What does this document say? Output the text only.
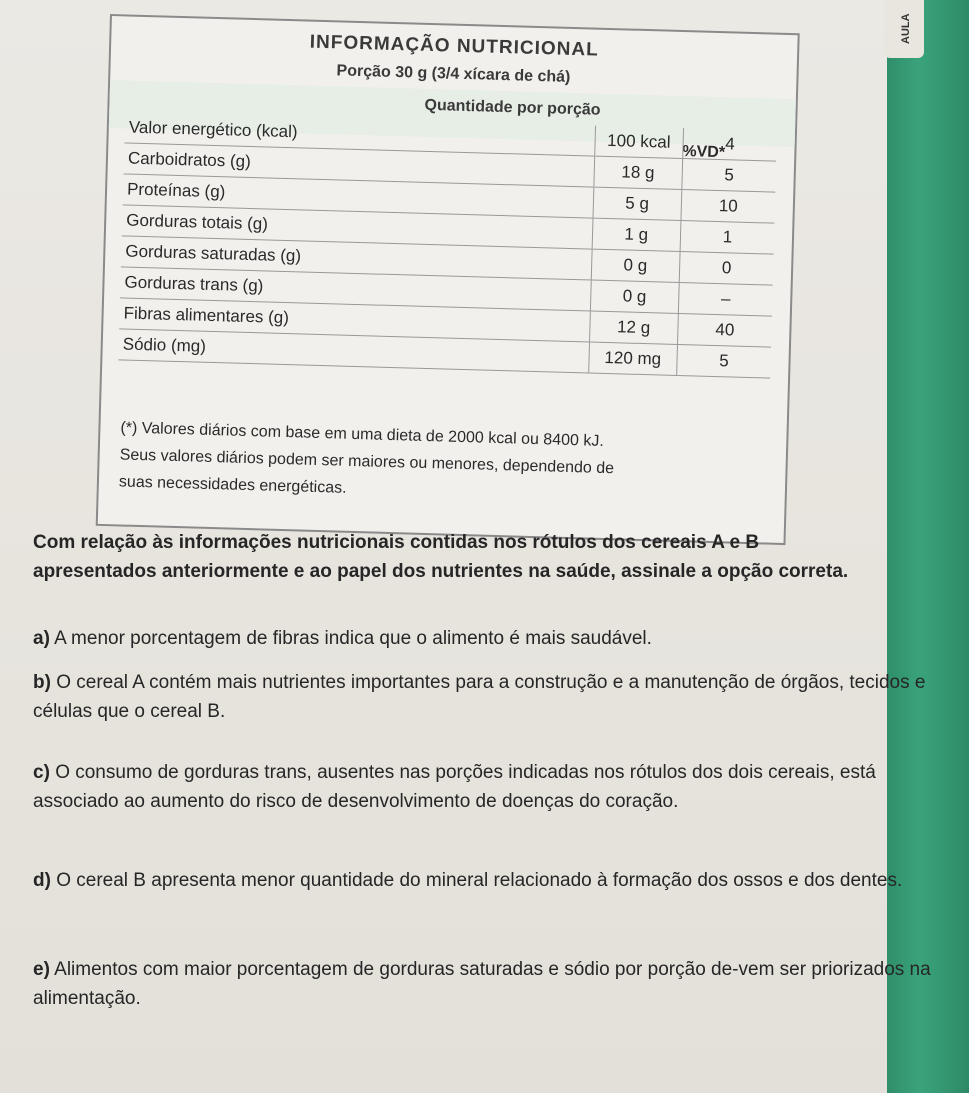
AULA
INFORMAÇÃO NUTRICIONAL
Porção 30 g (3/4 xícara de chá)
Quantidade por porção
%VD*
Valor energético (kcal)	100 kcal	4
Carboidratos (g)	18 g	5
Proteínas (g)	5 g	10
Gorduras totais (g)	1 g	1
Gorduras saturadas (g)	0 g	0
Gorduras trans (g)	0 g	–
Fibras alimentares (g)	12 g	40
Sódio (mg)	120 mg	5
(*) Valores diários com base em uma dieta de 2000 kcal ou 8400 kJ.
Seus valores diários podem ser maiores ou menores, dependendo de
suas necessidades energéticas.
Com relação às informações nutricionais contidas nos rótulos dos cereais A e B apresentados anteriormente e ao papel dos nutrientes na saúde, assinale a opção correta.
a) A menor porcentagem de fibras indica que o alimento é mais saudável.
b) O cereal A contém mais nutrientes importantes para a construção e a manutenção de órgãos, tecidos e células que o cereal B.
c) O consumo de gorduras trans, ausentes nas porções indicadas nos rótulos dos dois cereais, está associado ao aumento do risco de desenvolvimento de doenças do coração.
d) O cereal B apresenta menor quantidade do mineral relacionado à formação dos ossos e dos dentes.
e) Alimentos com maior porcentagem de gorduras saturadas e sódio por porção de-vem ser priorizados na alimentação.
